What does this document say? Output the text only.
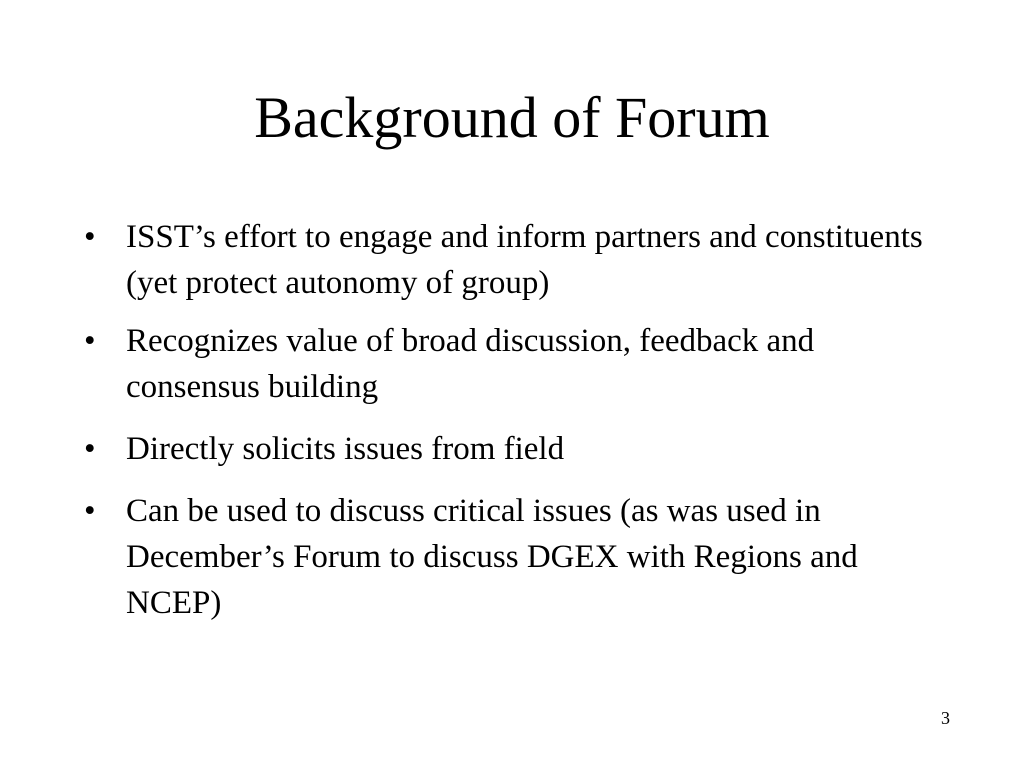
Background of Forum
• ISST’s effort to engage and inform partners and constituents (yet protect autonomy of group)
• Recognizes value of broad discussion, feedback and consensus building
• Directly solicits issues from field
• Can be used to discuss critical issues (as was used in December’s Forum to discuss DGEX with Regions and NCEP)
3
